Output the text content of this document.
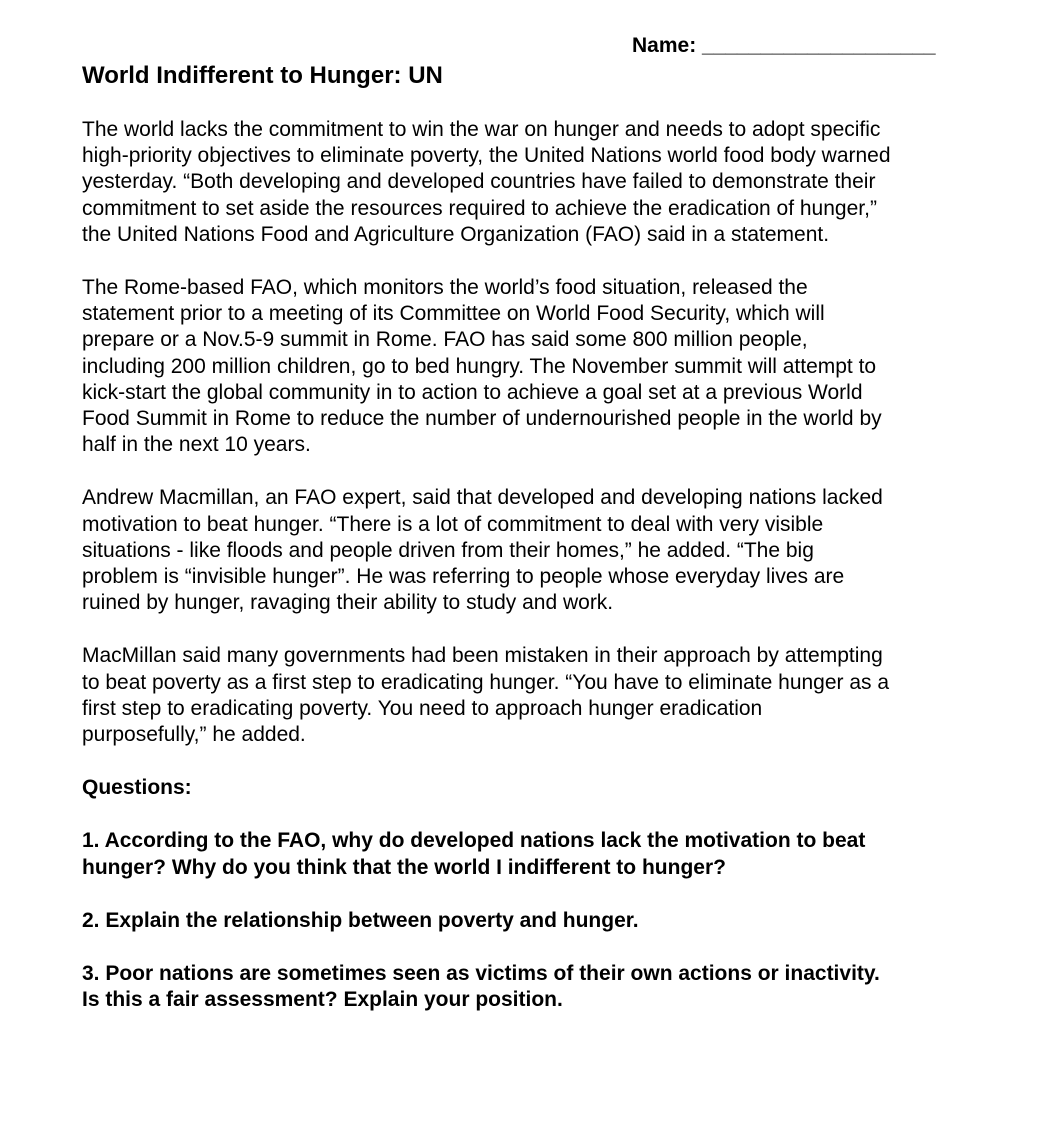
Name: ____________________
World Indifferent to Hunger: UN

The world lacks the commitment to win the war on hunger and needs to adopt specific
high-priority objectives to eliminate poverty, the United Nations world food body warned
yesterday. “Both developing and developed countries have failed to demonstrate their
commitment to set aside the resources required to achieve the eradication of hunger,”
the United Nations Food and Agriculture Organization (FAO) said in a statement.

The Rome-based FAO, which monitors the world’s food situation, released the
statement prior to a meeting of its Committee on World Food Security, which will
prepare or a Nov.5-9 summit in Rome. FAO has said some 800 million people,
including 200 million children, go to bed hungry. The November summit will attempt to
kick-start the global community in to action to achieve a goal set at a previous World
Food Summit in Rome to reduce the number of undernourished people in the world by
half in the next 10 years.

Andrew Macmillan, an FAO expert, said that developed and developing nations lacked
motivation to beat hunger. “There is a lot of commitment to deal with very visible
situations - like floods and people driven from their homes,” he added. “The big
problem is “invisible hunger”. He was referring to people whose everyday lives are
ruined by hunger, ravaging their ability to study and work.

MacMillan said many governments had been mistaken in their approach by attempting
to beat poverty as a first step to eradicating hunger. “You have to eliminate hunger as a
first step to eradicating poverty. You need to approach hunger eradication
purposefully,” he added.

Questions:

1. According to the FAO, why do developed nations lack the motivation to beat
hunger? Why do you think that the world I indifferent to hunger?

2. Explain the relationship between poverty and hunger.

3. Poor nations are sometimes seen as victims of their own actions or inactivity.
Is this a fair assessment? Explain your position.
